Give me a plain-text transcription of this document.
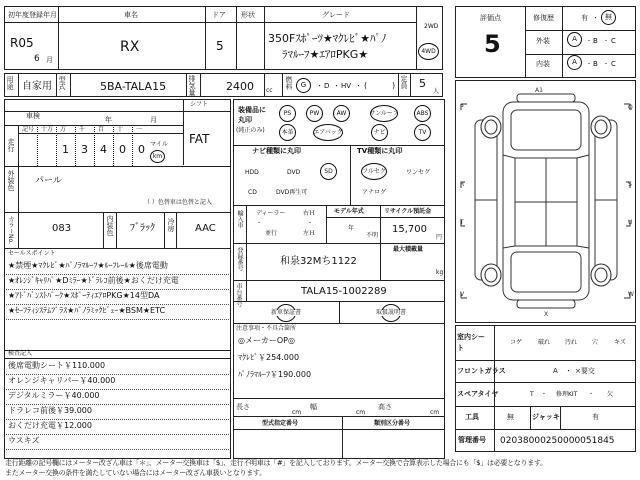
初年度登録年月
R05
6 月
車名
RX
ドア
5
形状	グレード
350Fｽﾎﾟｰﾂ★ﾏｸﾚﾋﾞ★ﾊﾟﾉ
ﾗﾏﾙｰﾌ★ｴｱﾛPKG★
2WD
4WD
評価点
5
修復歴	有 ・ 無
外装	A ・ B ・ C
内装	A ・ B ・ C
用途 自家用 型式	5BA-TALA15	排気量	2400 cc
燃料 G ・ D ・ HV ・ (	) 定員 5
人
車検	年	月
シフト
FAT
走行
記号 十万 万 千 百 十 一
1 3 4 0 0 マイル
km
外装色 パール
（ ）色替車は色替と記入
カラーNo.	083	内装色 ﾌﾞﾗｯｸ 冷房 AAC
セールスポイント
★禁煙★ﾏｸﾚﾋﾞ★ﾊﾟﾉﾗﾏﾙｰﾌ★ﾙｰﾌﾚｰﾙ★後席電動
★ｵﾚﾝｼﾞｷｬﾘﾊﾟ★Dﾐﾗｰ★ﾄﾞﾗﾚｺ前後★おくだけ充電
★ｱﾄﾞﾊﾞﾝｽﾄﾊﾟｰｸ★ｽﾎﾟｰﾃｨｴｱﾛPKG★14型DA
★ｾｰﾌﾃｨｼｽﾃﾑﾌﾟﾗｽ★ﾊﾟﾉﾗﾐｯｸﾋﾞｭｰ★BSM★ETC
検査記入
後席電動シート￥110.000
オレンジキャリパー￥40.000
デジタルミラー￥40.000
ドラレコ前後￥39.000
おくだけ充電￥12.000
ウスキズ
装備品に
丸印
(純正のみ)
PS	PW	AW	サンルーフ	ABS
本革	エアバッグ	ナビ	TV
ナビ種類に丸印	TV種類に丸印
HDD	DVD	SD
CD	DVD再生可
フルセグ	ワンセグ
アナログ
輸入車 ディーラー
並行
・
右Ｈ
・
左Ｈ
モデル年式
年
不明
リサイクル預託金
15,700
円
登録番号	和泉32Mち1122
最大積載量
kg
車台番号	TALA15-1002289
新車保証書	取扱説明書
注意事項・不具合箇所
◎メーカーOP◎
ﾏｸﾚﾋﾞ￥254.000
ﾊﾟﾉﾗﾏﾙｰﾌ￥190.000
長さ
cm
幅
cm
高さ
cm
型式指定番号	類別区分番号
P	Q
R	S
T	U
V	W
X
A1
室内シート
コゲ	破れ 汚れ 穴	キズ
フロントガラス	A ・ ×要交
スペアタイヤ	T ・ 修理KIT ・ 欠
工具	無	ジャッキ	有
管理番号 02038000250000051845
走行距離の記号欄にはメーター改ざん車は「＊」、メーター交換車は「$」、走行不明車は「#」を記入しております。メーター交換で合算表示した場合にも「$」は必要となります。
またメーター交換の条件を満たしていない場合にはメーター改ざん車扱いとなります。
